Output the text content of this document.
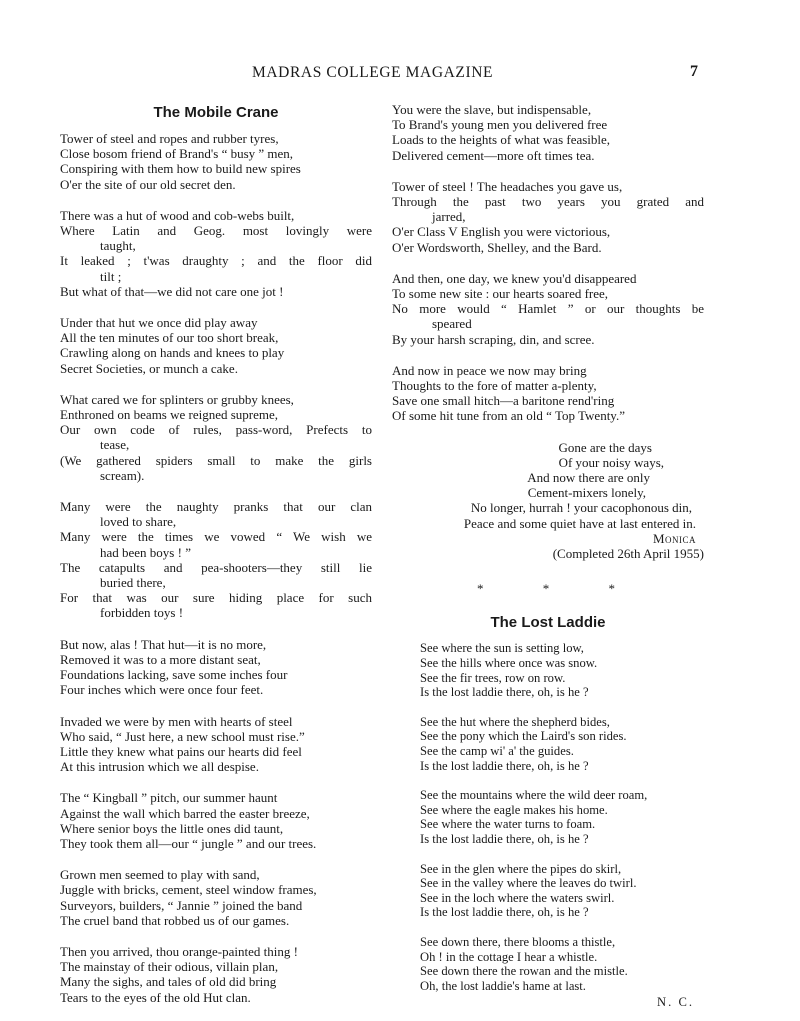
MADRAS COLLEGE MAGAZINE	7
The Mobile Crane
Tower of steel and ropes and rubber tyres,
Close bosom friend of Brand's “ busy ” men,
Conspiring with them how to build new spires
O'er the site of our old secret den.
There was a hut of wood and cob-webs built,
Where Latin and Geog. most lovingly were
taught,
It leaked ; t'was draughty ; and the floor did
tilt ;
But what of that—we did not care one jot !
Under that hut we once did play away
All the ten minutes of our too short break,
Crawling along on hands and knees to play
Secret Societies, or munch a cake.
What cared we for splinters or grubby knees,
Enthroned on beams we reigned supreme,
Our own code of rules, pass-word, Prefects to
tease,
(We gathered spiders small to make the girls
scream).
Many were the naughty pranks that our clan
loved to share,
Many were the times we vowed “ We wish we
had been boys ! ”
The catapults and pea-shooters—they still lie
buried there,
For that was our sure hiding place for such
forbidden toys !
But now, alas ! That hut—it is no more,
Removed it was to a more distant seat,
Foundations lacking, save some inches four
Four inches which were once four feet.
Invaded we were by men with hearts of steel
Who said, “ Just here, a new school must rise.”
Little they knew what pains our hearts did feel
At this intrusion which we all despise.
The “ Kingball ” pitch, our summer haunt
Against the wall which barred the easter breeze,
Where senior boys the little ones did taunt,
They took them all—our “ jungle ” and our trees.
Grown men seemed to play with sand,
Juggle with bricks, cement, steel window frames,
Surveyors, builders, “ Jannie ” joined the band
The cruel band that robbed us of our games.
Then you arrived, thou orange-painted thing !
The mainstay of their odious, villain plan,
Many the sighs, and tales of old did bring
Tears to the eyes of the old Hut clan.
You were the slave, but indispensable,
To Brand's young men you delivered free
Loads to the heights of what was feasible,
Delivered cement—more oft times tea.
Tower of steel ! The headaches you gave us,
Through the past two years you grated and
jarred,
O'er Class V English you were victorious,
O'er Wordsworth, Shelley, and the Bard.
And then, one day, we knew you'd disappeared
To some new site : our hearts soared free,
No more would “ Hamlet ” or our thoughts be
speared
By your harsh scraping, din, and scree.
And now in peace we now may bring
Thoughts to the fore of matter a-plenty,
Save one small hitch—a baritone rend'ring
Of some hit tune from an old “ Top Twenty.”
Gone are the days
Of your noisy ways,
And now there are only
Cement-mixers lonely,
No longer, hurrah ! your cacophonous din,
Peace and some quiet have at last entered in.
Monica
(Completed 26th April 1955)
* * *
The Lost Laddie
See where the sun is setting low,
See the hills where once was snow.
See the fir trees, row on row.
Is the lost laddie there, oh, is he ?
See the hut where the shepherd bides,
See the pony which the Laird's son rides.
See the camp wi' a' the guides.
Is the lost laddie there, oh, is he ?
See the mountains where the wild deer roam,
See where the eagle makes his home.
See where the water turns to foam.
Is the lost laddie there, oh, is he ?
See in the glen where the pipes do skirl,
See in the valley where the leaves do twirl.
See in the loch where the waters swirl.
Is the lost laddie there, oh, is he ?
See down there, there blooms a thistle,
Oh ! in the cottage I hear a whistle.
See down there the rowan and the mistle.
Oh, the lost laddie's hame at last.
N. C.
